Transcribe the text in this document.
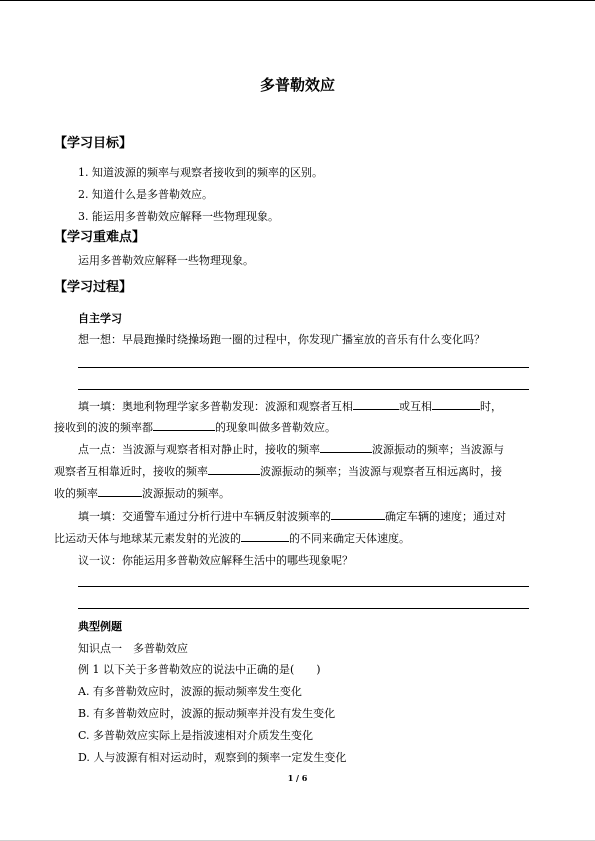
多普勒效应
【学习目标】
1. 知道波源的频率与观察者接收到的频率的区别。
2. 知道什么是多普勒效应。
3. 能运用多普勒效应解释一些物理现象。
【学习重难点】
运用多普勒效应解释一些物理现象。
【学习过程】
自主学习
想一想：早晨跑操时绕操场跑一圈的过程中，你发现广播室放的音乐有什么变化吗？
填一填：奥地利物理学家多普勒发现：波源和观察者互相	或互相	时，
接收到的波的频率都	的现象叫做多普勒效应。
点一点：当波源与观察者相对静止时，接收的频率	波源振动的频率；当波源与
观察者互相靠近时，接收的频率	波源振动的频率；当波源与观察者互相远离时，接
收的频率	波源振动的频率。
填一填：交通警车通过分析行进中车辆反射波频率的	确定车辆的速度；通过对
比运动天体与地球某元素发射的光波的	的不同来确定天体速度。
议一议：你能运用多普勒效应解释生活中的哪些现象呢？
典型例题
知识点一　多普勒效应
例 1 以下关于多普勒效应的说法中正确的是(　　)
A. 有多普勒效应时，波源的振动频率发生变化
B. 有多普勒效应时，波源的振动频率并没有发生变化
C. 多普勒效应实际上是指波速相对介质发生变化
D. 人与波源有相对运动时，观察到的频率一定发生变化
1 / 6
